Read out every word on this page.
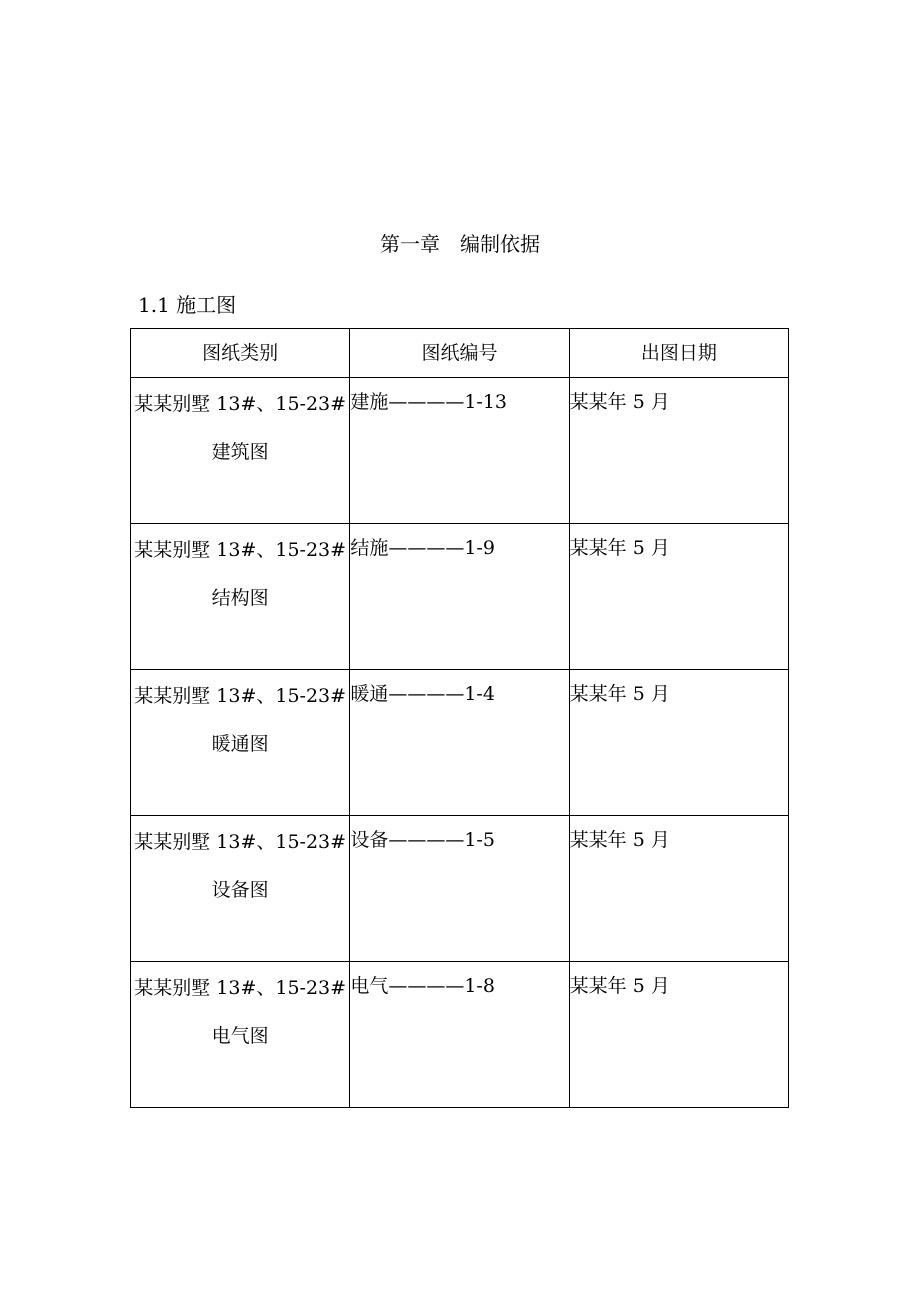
第一章　编制依据
1.1 施工图
图纸类别	图纸编号	出图日期

某某别墅 13#、15-23#
建筑图	建施————1-13	某某年 5 月

某某别墅 13#、15-23#
结构图	结施————1-9	某某年 5 月

某某别墅 13#、15-23#
暖通图	暖通————1-4	某某年 5 月

某某别墅 13#、15-23#
设备图	设备————1-5	某某年 5 月

某某别墅 13#、15-23#
电气图	电气————1-8	某某年 5 月
